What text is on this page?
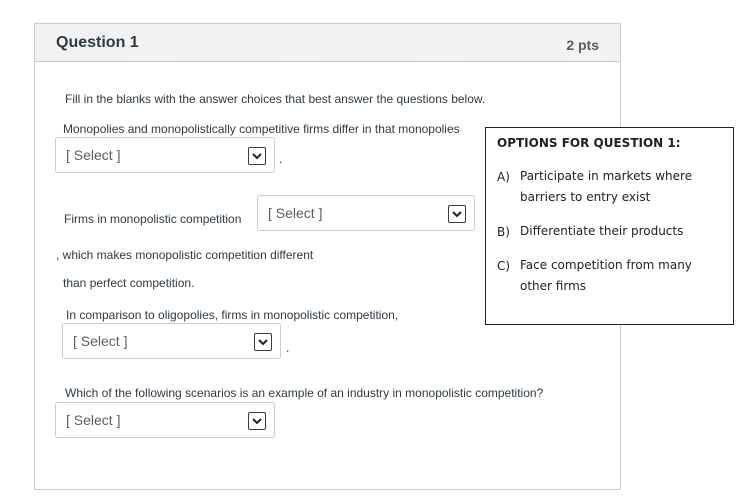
Question 1	2 pts
Fill in the blanks with the answer choices that best answer the questions below.
Monopolies and monopolistically competitive firms differ in that monopolies
[ Select ]	.
Firms in monopolistic competition [ Select ]
, which makes monopolistic competition different
than perfect competition.
In comparison to oligopolies, firms in monopolistic competition,
[ Select ]	.
Which of the following scenarios is an example of an industry in monopolistic competition?
[ Select ]
OPTIONS FOR QUESTION 1:
A) Participate in markets where barriers to entry exist
B) Differentiate their products
C) Face competition from many other firms
